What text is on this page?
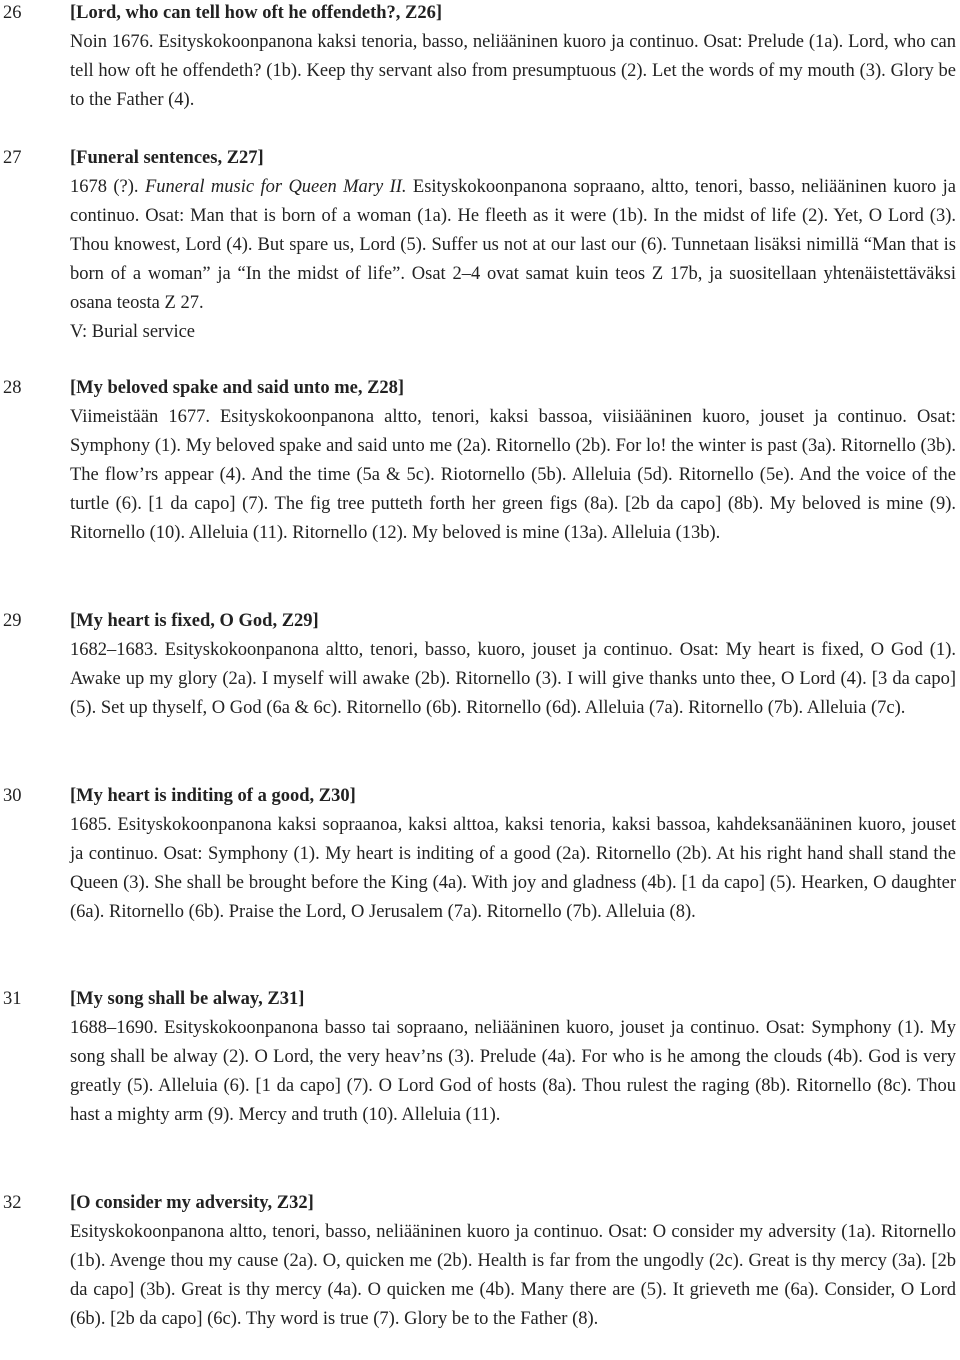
26	[Lord, who can tell how oft he offendeth?, Z26]
Noin 1676. Esityskokoonpanona kaksi tenoria, basso, neliääninen kuoro ja continuo. Osat: Prelude (1a). Lord, who can tell how oft he offendeth? (1b). Keep thy servant also from presumptuous (2). Let the words of my mouth (3). Glory be to the Father (4).
27	[Funeral sentences, Z27]
1678 (?). Funeral music for Queen Mary II. Esityskokoonpanona sopraano, altto, tenori, basso, neliääninen kuoro ja continuo. Osat: Man that is born of a woman (1a). He fleeth as it were (1b). In the midst of life (2). Yet, O Lord (3). Thou knowest, Lord (4). But spare us, Lord (5). Suffer us not at our last our (6). Tunnetaan lisäksi nimillä “Man that is born of a woman” ja “In the midst of life”. Osat 2–4 ovat samat kuin teos Z 17b, ja suositellaan yhtenäistettäväksi osana teosta Z 27.
V: Burial service
28	[My beloved spake and said unto me, Z28]
Viimeistään 1677. Esityskokoonpanona altto, tenori, kaksi bassoa, viisiääninen kuoro, jouset ja continuo. Osat: Symphony (1). My beloved spake and said unto me (2a). Ritornello (2b). For lo! the winter is past (3a). Ritornello (3b). The flow’rs appear (4). And the time (5a & 5c). Riotornello (5b). Alleluia (5d). Ritornello (5e). And the voice of the turtle (6). [1 da capo] (7). The fig tree putteth forth her green figs (8a). [2b da capo] (8b). My beloved is mine (9). Ritornello (10). Alleluia (11). Ritornello (12). My beloved is mine (13a). Alleluia (13b).
29	[My heart is fixed, O God, Z29]
1682–1683. Esityskokoonpanona altto, tenori, basso, kuoro, jouset ja continuo. Osat: My heart is fixed, O God (1). Awake up my glory (2a). I myself will awake (2b). Ritornello (3). I will give thanks unto thee, O Lord (4). [3 da capo] (5). Set up thyself, O God (6a & 6c). Ritornello (6b). Ritornello (6d). Alleluia (7a). Ritornello (7b). Alleluia (7c).
30	[My heart is inditing of a good, Z30]
1685. Esityskokoonpanona kaksi sopraanoa, kaksi alttoa, kaksi tenoria, kaksi bassoa, kahdeksanääninen kuoro, jouset ja continuo. Osat: Symphony (1). My heart is inditing of a good (2a). Ritornello (2b). At his right hand shall stand the Queen (3). She shall be brought before the King (4a). With joy and gladness (4b). [1 da capo] (5). Hearken, O daughter (6a). Ritornello (6b). Praise the Lord, O Jerusalem (7a). Ritornello (7b). Alleluia (8).
31	[My song shall be alway, Z31]
1688–1690. Esityskokoonpanona basso tai sopraano, neliääninen kuoro, jouset ja continuo. Osat: Symphony (1). My song shall be alway (2). O Lord, the very heav’ns (3). Prelude (4a). For who is he among the clouds (4b). God is very greatly (5). Alleluia (6). [1 da capo] (7). O Lord God of hosts (8a). Thou rulest the raging (8b). Ritornello (8c). Thou hast a mighty arm (9). Mercy and truth (10). Alleluia (11).
32	[O consider my adversity, Z32]
Esityskokoonpanona altto, tenori, basso, neliääninen kuoro ja continuo. Osat: O consider my adversity (1a). Ritornello (1b). Avenge thou my cause (2a). O, quicken me (2b). Health is far from the ungodly (2c). Great is thy mercy (3a). [2b da capo] (3b). Great is thy mercy (4a). O quicken me (4b). Many there are (5). It grieveth me (6a). Consider, O Lord (6b). [2b da capo] (6c). Thy word is true (7). Glory be to the Father (8).
